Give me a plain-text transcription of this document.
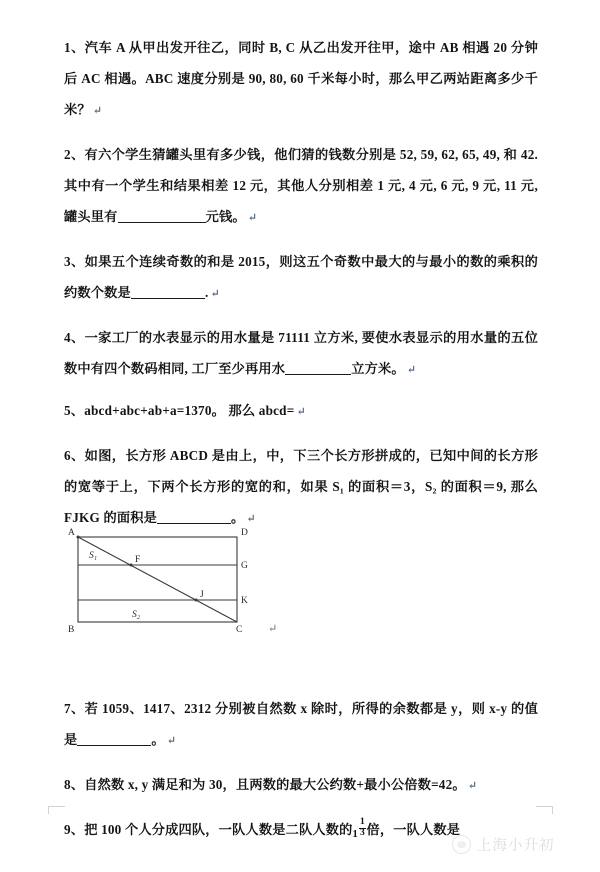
1、汽车 A 从甲出发开往乙，同时 B, C 从乙出发开往甲，途中 AB 相遇 20 分钟后 AC 相遇。ABC 速度分别是 90, 80, 60 千米每小时，那么甲乙两站距离多少千米？ ↵

2、有六个学生猜罐头里有多少钱，他们猜的钱数分别是 52, 59, 62, 65, 49, 和 42. 其中有一个学生和结果相差 12 元，其他人分别相差 1 元, 4 元, 6 元, 9 元, 11 元, 罐头里有	元钱。 ↵

3、如果五个连续奇数的和是 2015，则这五个奇数中最大的与最小的数的乘积的约数个数是	. ↵

4、一家工厂的水表显示的用水量是 71111 立方米, 要使水表显示的用水量的五位数中有四个数码相同, 工厂至少再用水	立方米。 ↵

5、abcd+abc+ab+a=1370。 那么 abcd= ↵

6、如图，长方形 ABCD 是由上，中，下三个长方形拼成的，已知中间的长方形的宽等于上，下两个长方形的宽的和，如果 S₁ 的面积＝3，S₂ 的面积＝9, 那么 FJKG 的面积是	。 ↵

7、若 1059、1417、2312 分别被自然数 x 除时，所得的余数都是 y，则 x-y 的值是	。 ↵

8、自然数 x, y 满足和为 30，且两数的最大公约数+最小公倍数=42。 ↵

9、把 100 个人分成四队，一队人数是二队人数的$1 \frac{1}{3}$ 倍，一队人数是

A	D
G
K
B	C
F
J
S₁
S₂
↵
上海小升初
